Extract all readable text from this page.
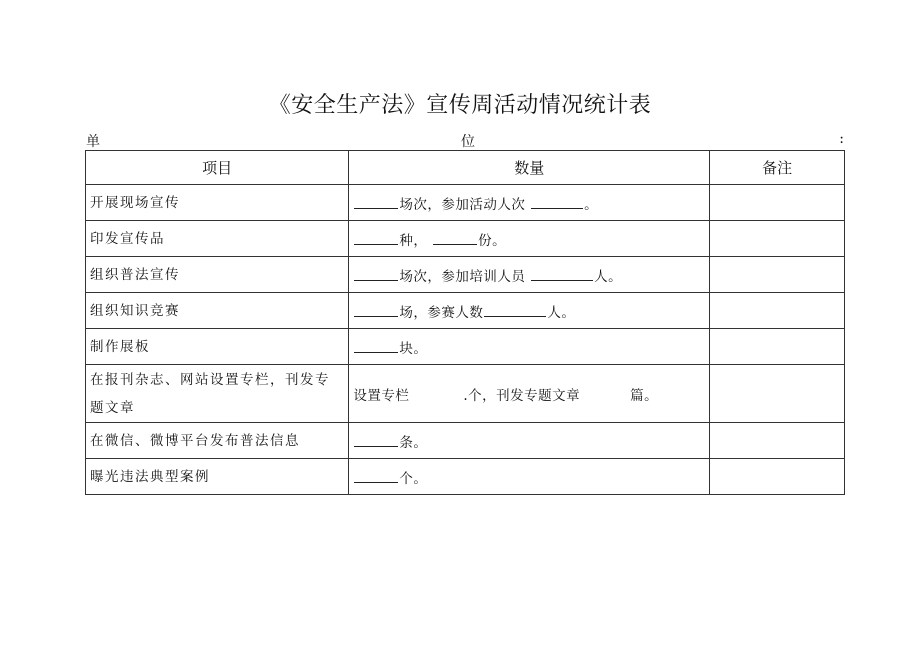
《安全生产法》宣传周活动情况统计表
单	位	:
项目	数量	备注
开展现场宣传	场次，参加活动人次 。	
印发宣传品	种， 份。	
组织普法宣传	场次，参加培训人员 人。	
组织知识竞赛	场，参赛人数 人。	
制作展板	块。	
在报刊杂志、网站设置专栏，刊发专题文章	设置专栏 .个，刊发专题文章 篇。	
在微信、微博平台发布普法信息	条。	
曝光违法典型案例	个。	
